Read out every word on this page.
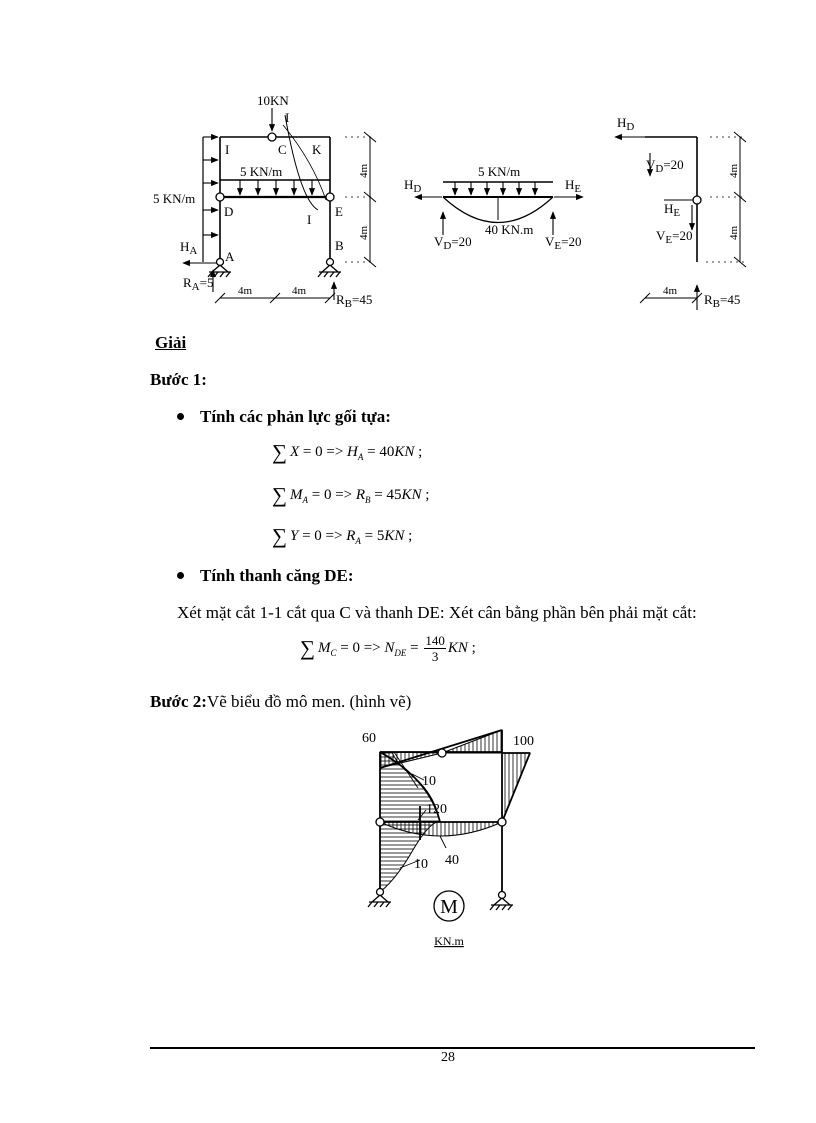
10KN
I
I	C K
5 KN/m
5 KN/m
D	E
I
$H_A$ A
B
$R_A=5$
$R_B=45$
4m	4m
4m
4m
5 KN/m
$H_D$	$H_E$
40 KN.m
$V_D=20$	$V_E=20$
$H_D$
$V_D=20$
$H_E$
$V_E=20$
4m
4m
4m
$R_B=45$
Giải
Bước 1:
Tính các phản lực gối tựa:
∑ $X = 0 => H_A = 40KN$ ;
∑ $M_A = 0 => R_B = 45KN$ ;
∑ $Y = 0 => R_A = 5KN$ ;
Tính thanh căng DE:
Xét mặt cắt 1-1 cắt qua C và thanh DE: Xét cân bằng phần bên phải mặt cắt:
∑ $M_C = 0 => N_{DE} = \frac{140}{3}$ KN ;
Bước 2:Vẽ biểu đồ mô men. (hình vẽ)
60	100
10
120
10 40
M
KN.m
28
